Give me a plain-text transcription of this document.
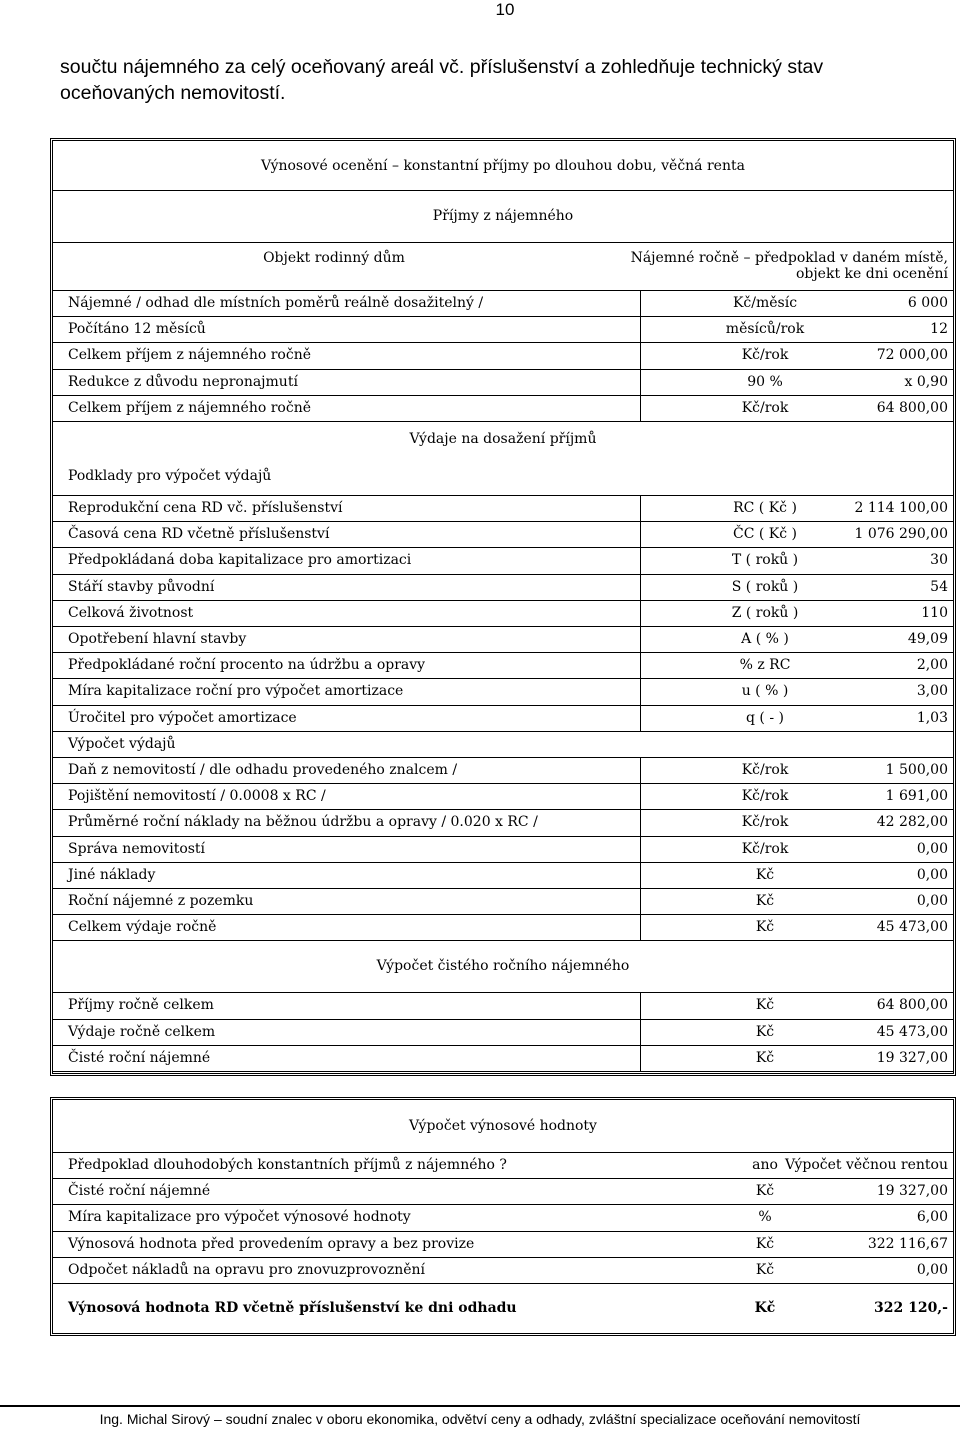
10
součtu nájemného za celý oceňovaný areál vč. příslušenství a zohledňuje technický stav
oceňovaných nemovitostí.
Výnosové ocenění – konstantní příjmy po dlouhou dobu, věčná renta
Příjmy z nájemného
Objekt rodinný dům	Nájemné ročně – předpoklad v daném místě,
objekt ke dni ocenění
Nájemné / odhad dle místních poměrů reálně dosažitelný /	Kč/měsíc	6 000
Počítáno 12 měsíců	měsíců/rok	12
Celkem příjem z nájemného ročně	Kč/rok	72 000,00
Redukce z důvodu nepronajmutí	90 %	x 0,90
Celkem příjem z nájemného ročně	Kč/rok	64 800,00
Výdaje na dosažení příjmů
Podklady pro výpočet výdajů
Reprodukční cena RD vč. příslušenství	RC ( Kč )	2 114 100,00
Časová cena RD včetně příslušenství	ČC ( Kč )	1 076 290,00
Předpokládaná doba kapitalizace pro amortizaci	T ( roků )	30
Stáří stavby původní	S ( roků )	54
Celková životnost	Z ( roků )	110
Opotřebení hlavní stavby	A ( % )	49,09
Předpokládané roční procento na údržbu a opravy	% z RC	2,00
Míra kapitalizace roční pro výpočet amortizace	u ( % )	3,00
Úročitel pro výpočet amortizace	q ( - )	1,03
Výpočet výdajů
Daň z nemovitostí / dle odhadu provedeného znalcem /	Kč/rok	1 500,00
Pojištění nemovitostí / 0.0008 x RC /	Kč/rok	1 691,00
Průměrné roční náklady na běžnou údržbu a opravy / 0.020 x RC /	Kč/rok	42 282,00
Správa nemovitostí	Kč/rok	0,00
Jiné náklady	Kč	0,00
Roční nájemné z pozemku	Kč	0,00
Celkem výdaje ročně	Kč	45 473,00
Výpočet čistého ročního nájemného
Příjmy ročně celkem	Kč	64 800,00
Výdaje ročně celkem	Kč	45 473,00
Čisté roční nájemné	Kč	19 327,00
Výpočet výnosové hodnoty
Předpoklad dlouhodobých konstantních příjmů z nájemného ?	ano Výpočet věčnou rentou
Čisté roční nájemné	Kč	19 327,00
Míra kapitalizace pro výpočet výnosové hodnoty	%	6,00
Výnosová hodnota před provedením opravy a bez provize	Kč	322 116,67
Odpočet nákladů na opravu pro znovuzprovoznění	Kč	0,00
Výnosová hodnota RD včetně příslušenství ke dni odhadu	Kč	322 120,-
Ing. Michal Sirový – soudní znalec v oboru ekonomika, odvětví ceny a odhady, zvláštní specializace oceňování nemovitostí
